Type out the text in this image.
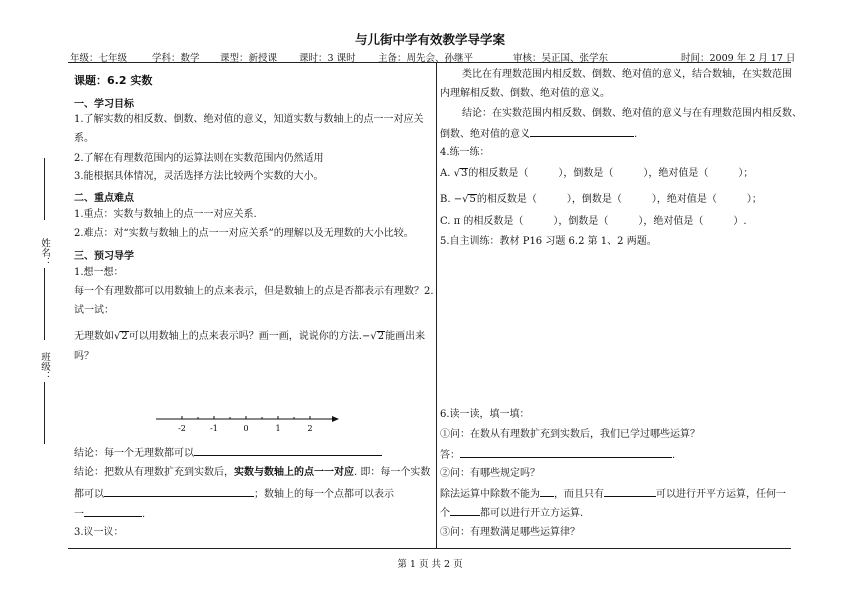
与儿街中学有效教学导学案
年级：七年级	学科：数学 课型：新授课 课时：3 课时 主备：周先会、孙继平	审核：吴正国、张学东	时间：2009 年 2 月 17 日
姓名：
班级：
课题：6.2 实数
一、学习目标
1.了解实数的相反数、倒数、绝对值的意义，知道实数与数轴上的点一一对应关
系。
2.了解在有理数范围内的运算法则在实数范围内仍然适用
3.能根据具体情况，灵活选择方法比较两个实数的大小。
二、重点难点
1.重点：实数与数轴上的点一一对应关系.
2.难点：对“实数与数轴上的点一一对应关系”的理解以及无理数的大小比较。
三、预习导学
1.想一想：
每一个有理数都可以用数轴上的点来表示，但是数轴上的点是否都表示有理数？2.
试一试：
无理数如√2可以用数轴上的点来表示吗？画一画，说说你的方法.−√2能画出来
吗？
-2	-1	0	1	2
结论：每一个无理数都可以
结论：把数从有理数扩充到实数后，实数与数轴上的点一一对应. 即：每一个实数
都可以	；数轴上的每一个点都可以表示
一	.
3.议一议：
类比在有理数范围内相反数、倒数、绝对值的意义，结合数轴，在实数范围
内理解相反数、倒数、绝对值的意义。
结论：在实数范围内相反数、倒数、绝对值的意义与在有理数范围内相反数、
倒数、绝对值的意义	.
4.练一练：
A. √3的相反数是（　　　），倒数是（　　　），绝对值是（　　　）；
B. −√5的相反数是（　　　），倒数是（　　　），绝对值是（　　　）；
C. π 的相反数是（　　　），倒数是（　　　），绝对值是（　　　）.
5.自主训练：教材 P16 习题 6.2 第 1、2 两题。
6.读一读，填一填：
①问：在数从有理数扩充到实数后，我们已学过哪些运算？
答：	.
②问：有哪些规定吗？
除法运算中除数不能为 ，而且只有	可以进行开平方运算，任何一
个	都可以进行开立方运算.
③问：有理数满足哪些运算律？
第 1 页 共 2 页
